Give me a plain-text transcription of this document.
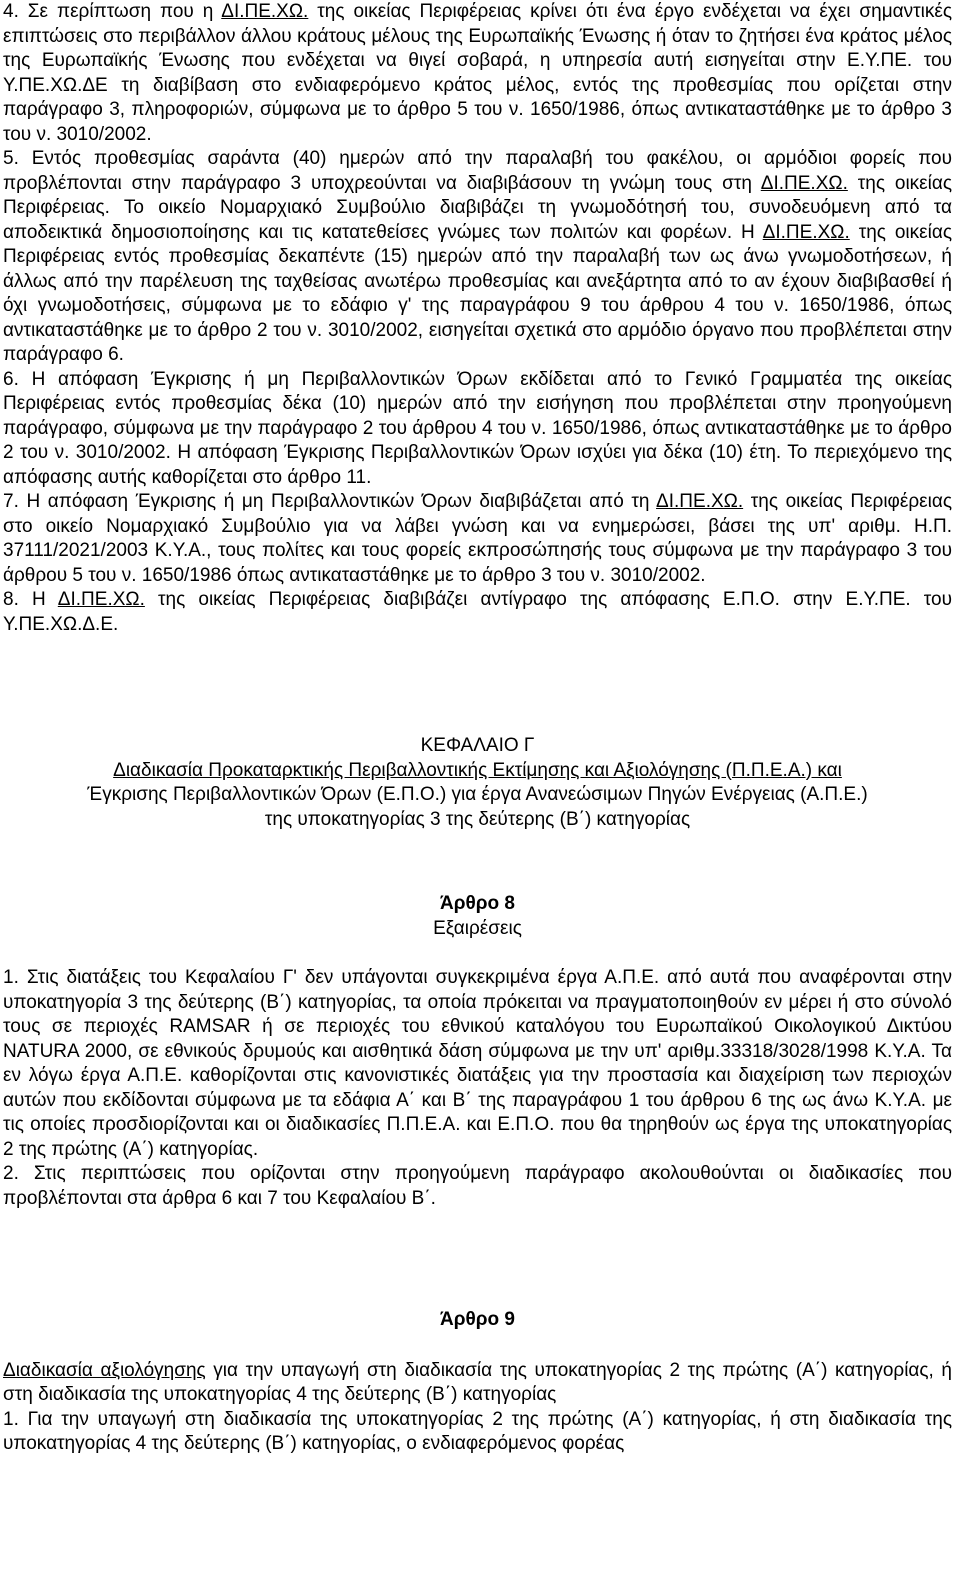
4. Σε περίπτωση που η ΔΙ.ΠΕ.ΧΩ. της οικείας Περιφέρειας κρίνει ότι ένα έργο ενδέχεται να έχει σημαντικές επιπτώσεις στο περιβάλλον άλλου κράτους μέλους της Ευρωπαϊκής Ένωσης ή όταν το ζητήσει ένα κράτος μέλος της Ευρωπαϊκής Ένωσης που ενδέχεται να θιγεί σοβαρά, η υπηρεσία αυτή εισηγείται στην Ε.Υ.ΠΕ. του Υ.ΠΕ.ΧΩ.ΔΕ τη διαβίβαση στο ενδιαφερόμενο κράτος μέλος, εντός της προθεσμίας που ορίζεται στην παράγραφο 3, πληροφοριών, σύμφωνα με το άρθρο 5 του ν. 1650/1986, όπως αντικαταστάθηκε με το άρθρο 3 του ν. 3010/2002.

5. Εντός προθεσμίας σαράντα (40) ημερών από την παραλαβή του φακέλου, οι αρμόδιοι φορείς που προβλέπονται στην παράγραφο 3 υποχρεούνται να διαβιβάσουν τη γνώμη τους στη ΔΙ.ΠΕ.ΧΩ. της οικείας Περιφέρειας. Το οικείο Νομαρχιακό Συμβούλιο διαβιβάζει τη γνωμοδότησή του, συνοδευόμενη από τα αποδεικτικά δημοσιοποίησης και τις κατατεθείσες γνώμες των πολιτών και φορέων. Η ΔΙ.ΠΕ.ΧΩ. της οικείας Περιφέρειας εντός προθεσμίας δεκαπέντε (15) ημερών από την παραλαβή των ως άνω γνωμοδοτήσεων, ή άλλως από την παρέλευση της ταχθείσας ανωτέρω προθεσμίας και ανεξάρτητα από το αν έχουν διαβιβασθεί ή όχι γνωμοδοτήσεις, σύμφωνα με το εδάφιο γ' της παραγράφου 9 του άρθρου 4 του ν. 1650/1986, όπως αντικαταστάθηκε με το άρθρο 2 του ν. 3010/2002, εισηγείται σχετικά στο αρμόδιο όργανο που προβλέπεται στην παράγραφο 6.

6. Η απόφαση Έγκρισης ή μη Περιβαλλοντικών Όρων εκδίδεται από το Γενικό Γραμματέα της οικείας Περιφέρειας εντός προθεσμίας δέκα (10) ημερών από την εισήγηση που προβλέπεται στην προηγούμενη παράγραφο, σύμφωνα με την παράγραφο 2 του άρθρου 4 του ν. 1650/1986, όπως αντικαταστάθηκε με το άρθρο 2 του ν. 3010/2002. Η απόφαση Έγκρισης Περιβαλλοντικών Όρων ισχύει για δέκα (10) έτη. Το περιεχόμενο της απόφασης αυτής καθορίζεται στο άρθρο 11.

7. Η απόφαση Έγκρισης ή μη Περιβαλλοντικών Όρων διαβιβάζεται από τη ΔΙ.ΠΕ.ΧΩ. της οικείας Περιφέρειας στο οικείο Νομαρχιακό Συμβούλιο για να λάβει γνώση και να ενημερώσει, βάσει της υπ' αριθμ. Η.Π. 37111/2021/2003 Κ.Υ.Α., τους πολίτες και τους φορείς εκπροσώπησής τους σύμφωνα με την παράγραφο 3 του άρθρου 5 του ν. 1650/1986 όπως αντικαταστάθηκε με το άρθρο 3 του ν. 3010/2002.

8. Η ΔΙ.ΠΕ.ΧΩ. της οικείας Περιφέρειας διαβιβάζει αντίγραφο της απόφασης Ε.Π.Ο. στην Ε.Υ.ΠΕ. του Υ.ΠΕ.ΧΩ.Δ.Ε.

ΚΕΦΑΛΑΙΟ Γ

Διαδικασία Προκαταρκτικής Περιβαλλοντικής Εκτίμησης και Αξιολόγησης (Π.Π.Ε.Α.) και

Έγκρισης Περιβαλλοντικών Όρων (Ε.Π.Ο.) για έργα Ανανεώσιμων Πηγών Ενέργειας (Α.Π.Ε.)

της υποκατηγορίας 3 της δεύτερης (Β΄) κατηγορίας

Άρθρο 8

Εξαιρέσεις

1. Στις διατάξεις του Κεφαλαίου Γ' δεν υπάγονται συγκεκριμένα έργα Α.Π.Ε. από αυτά που αναφέρονται στην υποκατηγορία 3 της δεύτερης (Β΄) κατηγορίας, τα οποία πρόκειται να πραγματοποιηθούν εν μέρει ή στο σύνολό τους σε περιοχές RAMSAR ή σε περιοχές του εθνικού καταλόγου του Ευρωπαϊκού Οικολογικού Δικτύου NATURA 2000, σε εθνικούς δρυμούς και αισθητικά δάση σύμφωνα με την υπ' αριθμ.33318/3028/1998 Κ.Υ.Α. Τα εν λόγω έργα Α.Π.Ε. καθορίζονται στις κανονιστικές διατάξεις για την προστασία και διαχείριση των περιοχών αυτών που εκδίδονται σύμφωνα με τα εδάφια Α΄ και Β΄ της παραγράφου 1 του άρθρου 6 της ως άνω Κ.Υ.Α. με τις οποίες προσδιορίζονται και οι διαδικασίες Π.Π.Ε.Α. και Ε.Π.Ο. που θα τηρηθούν ως έργα της υποκατηγορίας 2 της πρώτης (Α΄) κατηγορίας.

2. Στις περιπτώσεις που ορίζονται στην προηγούμενη παράγραφο ακολουθούνται οι διαδικασίες που προβλέπονται στα άρθρα 6 και 7 του Κεφαλαίου Β΄.

Άρθρο 9

Διαδικασία αξιολόγησης για την υπαγωγή στη διαδικασία της υποκατηγορίας 2 της πρώτης (Α΄) κατηγορίας, ή στη διαδικασία της υποκατηγορίας 4 της δεύτερης (Β΄) κατηγορίας

1. Για την υπαγωγή στη διαδικασία της υποκατηγορίας 2 της πρώτης (Α΄) κατηγορίας, ή στη διαδικασία της υποκατηγορίας 4 της δεύτερης (Β΄) κατηγορίας, ο ενδιαφερόμενος φορέας
